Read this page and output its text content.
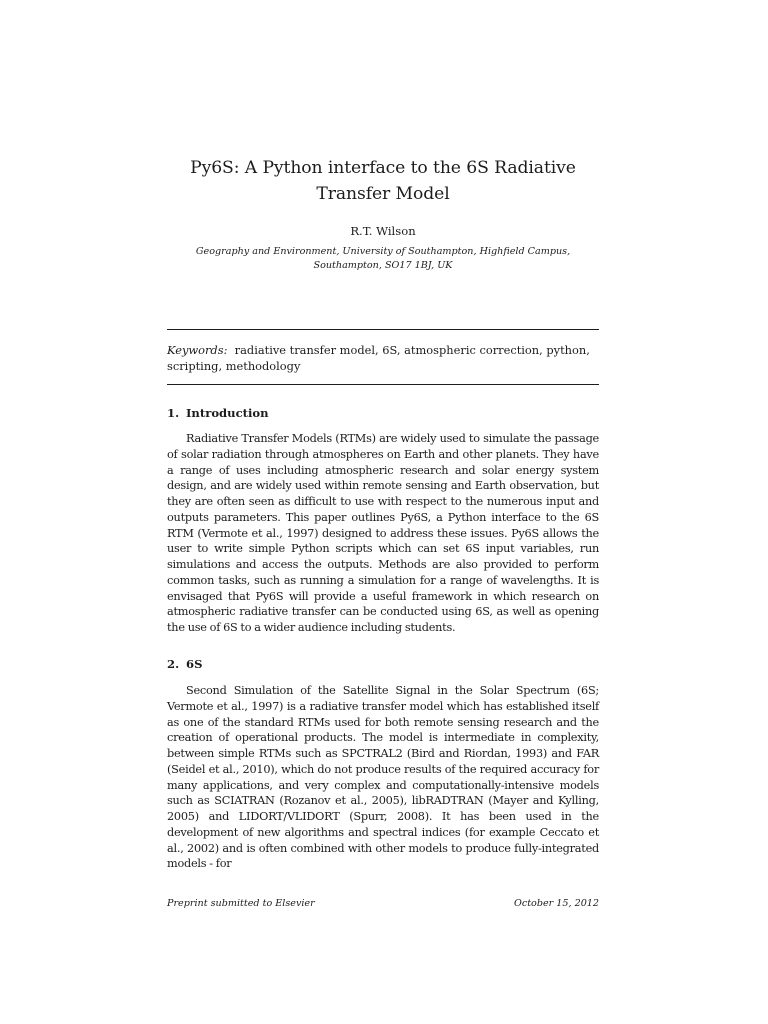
Py6S: A Python interface to the 6S Radiative Transfer Model
R.T. Wilson
Geography and Environment, University of Southampton, Highfield Campus, Southampton, SO17 1BJ, UK
Keywords: radiative transfer model, 6S, atmospheric correction, python, scripting, methodology
1. Introduction
Radiative Transfer Models (RTMs) are widely used to simulate the passage of solar radiation through atmospheres on Earth and other planets. They have a range of uses including atmospheric research and solar energy system design, and are widely used within remote sensing and Earth observation, but they are often seen as difficult to use with respect to the numerous input and outputs parameters. This paper outlines Py6S, a Python interface to the 6S RTM (Vermote et al., 1997) designed to address these issues. Py6S allows the user to write simple Python scripts which can set 6S input variables, run simulations and access the outputs. Methods are also provided to perform common tasks, such as running a simulation for a range of wavelengths. It is envisaged that Py6S will provide a useful framework in which research on atmospheric radiative transfer can be conducted using 6S, as well as opening the use of 6S to a wider audience including students.
2. 6S
Second Simulation of the Satellite Signal in the Solar Spectrum (6S; Vermote et al., 1997) is a radiative transfer model which has established itself as one of the standard RTMs used for both remote sensing research and the creation of operational products. The model is intermediate in complexity, between simple RTMs such as SPCTRAL2 (Bird and Riordan, 1993) and FAR (Seidel et al., 2010), which do not produce results of the required accuracy for many applications, and very complex and computationally-intensive models such as SCIATRAN (Rozanov et al., 2005), libRADTRAN (Mayer and Kylling, 2005) and LIDORT/VLIDORT (Spurr, 2008). It has been used in the development of new algorithms and spectral indices (for example Ceccato et al., 2002) and is often combined with other models to produce fully-integrated models - for
Preprint submitted to Elsevier	October 15, 2012
